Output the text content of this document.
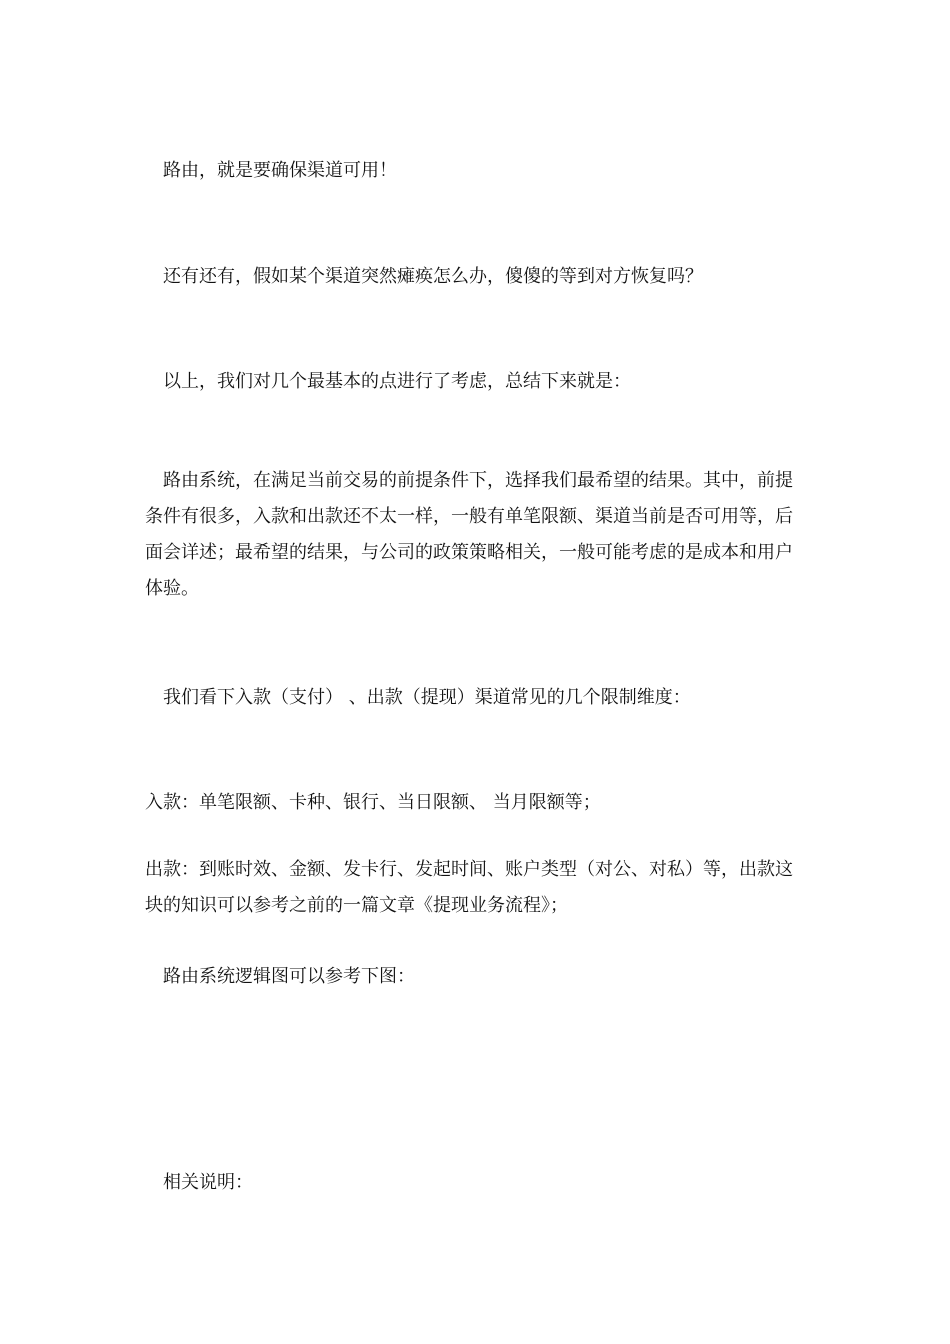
路由，就是要确保渠道可用！

还有还有，假如某个渠道突然瘫痪怎么办，傻傻的等到对方恢复吗？

以上，我们对几个最基本的点进行了考虑，总结下来就是：

路由系统，在满足当前交易的前提条件下，选择我们最希望的结果。其中，前提条件有很多，入款和出款还不太一样，一般有单笔限额、渠道当前是否可用等，后面会详述；最希望的结果，与公司的政策策略相关，一般可能考虑的是成本和用户体验。

我们看下入款（支付） 、出款（提现）渠道常见的几个限制维度：

入款：单笔限额、卡种、银行、当日限额、 当月限额等；

出款：到账时效、金额、发卡行、发起时间、账户类型（对公、对私）等，出款这块的知识可以参考之前的一篇文章《提现业务流程》；

路由系统逻辑图可以参考下图：

相关说明：
